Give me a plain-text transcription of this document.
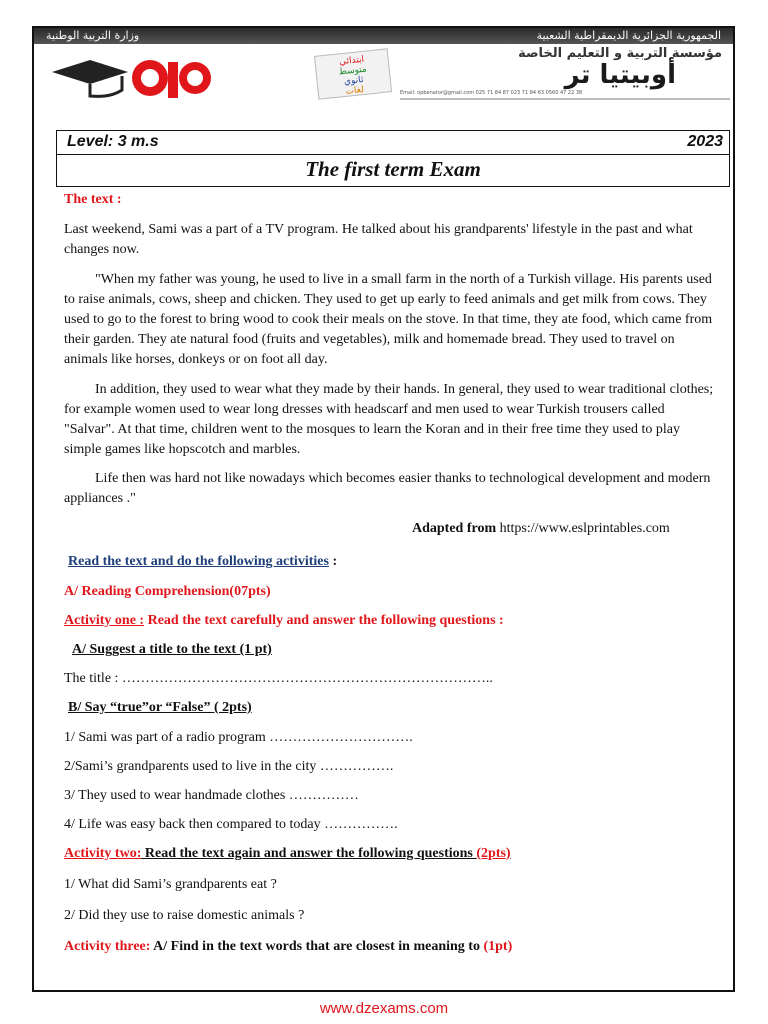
الجمهورية الجزائرية الديمقراطية الشعبية
وزارة التربية الوطنية
مؤسسة التربية و التعليم الخاصة
أوبيتيا تر
ابتدائي
متوسط
ثانوي
لغات	Email: opbenator@gmail.com 025 71 84 87 023 71 84 63 0560 47 22 38
Level: 3 m.s	2023
The first term Exam
The text :

Last weekend, Sami was a part of a TV program. He talked about his grandparents' lifestyle in the past and what changes now.

"When my father was young, he used to live in a small farm in the north of a Turkish village. His parents used to raise animals, cows, sheep and chicken. They used to get up early to feed animals and get milk from cows. They used to go to the forest to bring wood to cook their meals on the stove. In that time, they ate food, which came from their garden. They ate natural food (fruits and vegetables), milk and homemade bread. They used to travel on animals like horses, donkeys or on foot all day.

In addition, they used to wear what they made by their hands. In general, they used to wear traditional clothes; for example women used to wear long dresses with headscarf and men used to wear Turkish trousers called "Salvar". At that time, children went to the mosques to learn the Koran and in their free time they used to play simple games like hopscotch and marbles.

Life then was hard not like nowadays which becomes easier thanks to technological development and modern appliances ."

Adapted from https://www.eslprintables.com
Read the text and do the following activities :
A/ Reading Comprehension(07pts)
Activity one : Read the text carefully and answer the following questions :
A/ Suggest a title to the text (1 pt)
The title : ……………………………………………………………………..
B/ Say “true”or “False” ( 2pts)
1/ Sami was part of a radio program ………………………….
2/Sami’s grandparents used to live in the city …………….
3/ They used to wear handmade clothes ……………
4/ Life was easy back then compared to today …………….
Activity two: Read the text again and answer the following questions (2pts)
1/ What did Sami’s grandparents eat ?
2/ Did they use to raise domestic animals ?
Activity three: A/ Find in the text words that are closest in meaning to (1pt)
www.dzexams.com
